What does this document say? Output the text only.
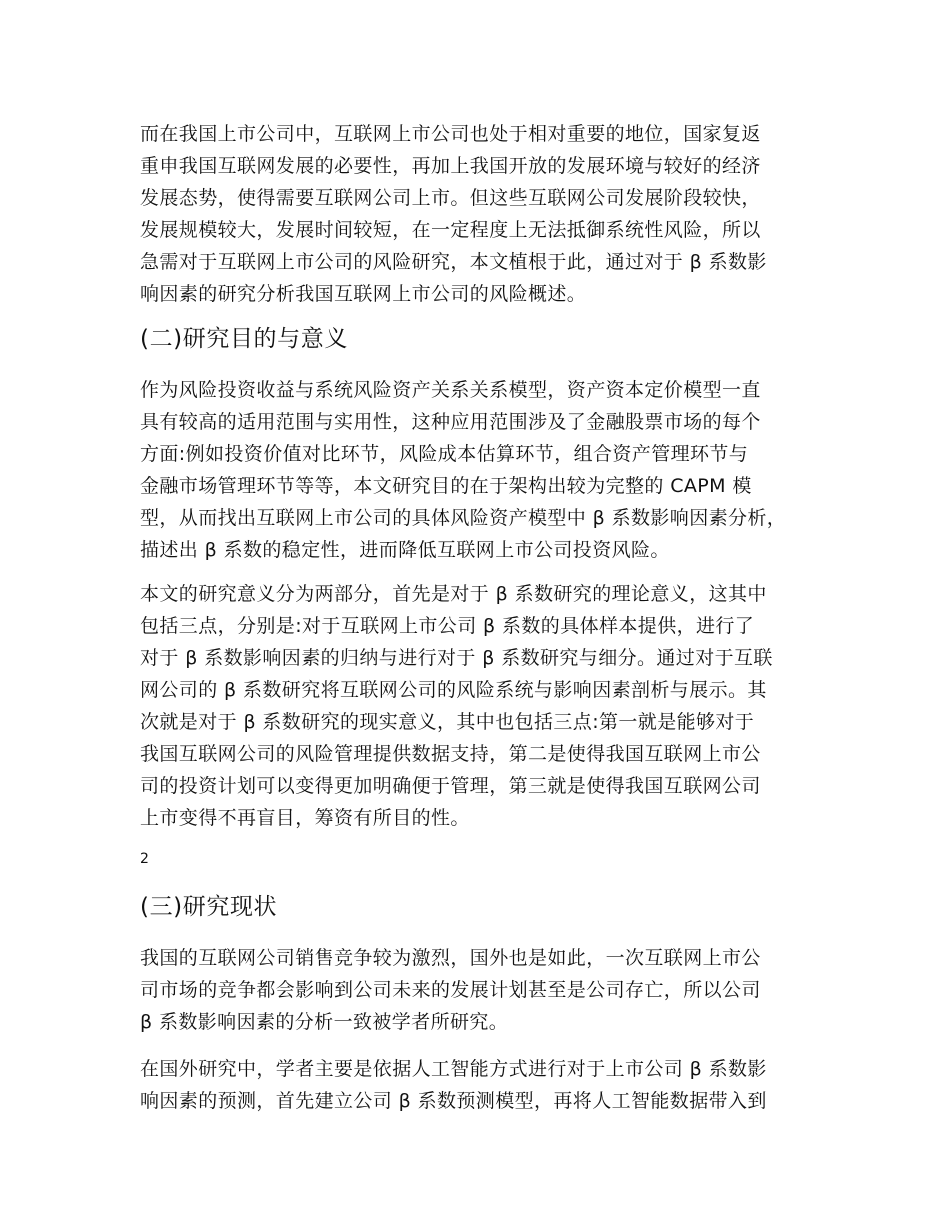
而在我国上市公司中，互联网上市公司也处于相对重要的地位，国家复返
重申我国互联网发展的必要性，再加上我国开放的发展环境与较好的经济
发展态势，使得需要互联网公司上市。但这些互联网公司发展阶段较快，
发展规模较大，发展时间较短，在一定程度上无法抵御系统性风险，所以
急需对于互联网上市公司的风险研究，本文植根于此，通过对于 β 系数影
响因素的研究分析我国互联网上市公司的风险概述。
(二)研究目的与意义
作为风险投资收益与系统风险资产关系关系模型，资产资本定价模型一直
具有较高的适用范围与实用性，这种应用范围涉及了金融股票市场的每个
方面:例如投资价值对比环节，风险成本估算环节，组合资产管理环节与
金融市场管理环节等等，本文研究目的在于架构出较为完整的 CAPM 模
型，从而找出互联网上市公司的具体风险资产模型中 β 系数影响因素分析，
描述出 β 系数的稳定性，进而降低互联网上市公司投资风险。
本文的研究意义分为两部分，首先是对于 β 系数研究的理论意义，这其中
包括三点，分别是:对于互联网上市公司 β 系数的具体样本提供，进行了
对于 β 系数影响因素的归纳与进行对于 β 系数研究与细分。通过对于互联
网公司的 β 系数研究将互联网公司的风险系统与影响因素剖析与展示。其
次就是对于 β 系数研究的现实意义，其中也包括三点:第一就是能够对于
我国互联网公司的风险管理提供数据支持，第二是使得我国互联网上市公
司的投资计划可以变得更加明确便于管理，第三就是使得我国互联网公司
上市变得不再盲目，筹资有所目的性。
2
(三)研究现状
我国的互联网公司销售竞争较为激烈，国外也是如此，一次互联网上市公
司市场的竞争都会影响到公司未来的发展计划甚至是公司存亡，所以公司
β 系数影响因素的分析一致被学者所研究。
在国外研究中，学者主要是依据人工智能方式进行对于上市公司 β 系数影
响因素的预测，首先建立公司 β 系数预测模型，再将人工智能数据带入到
